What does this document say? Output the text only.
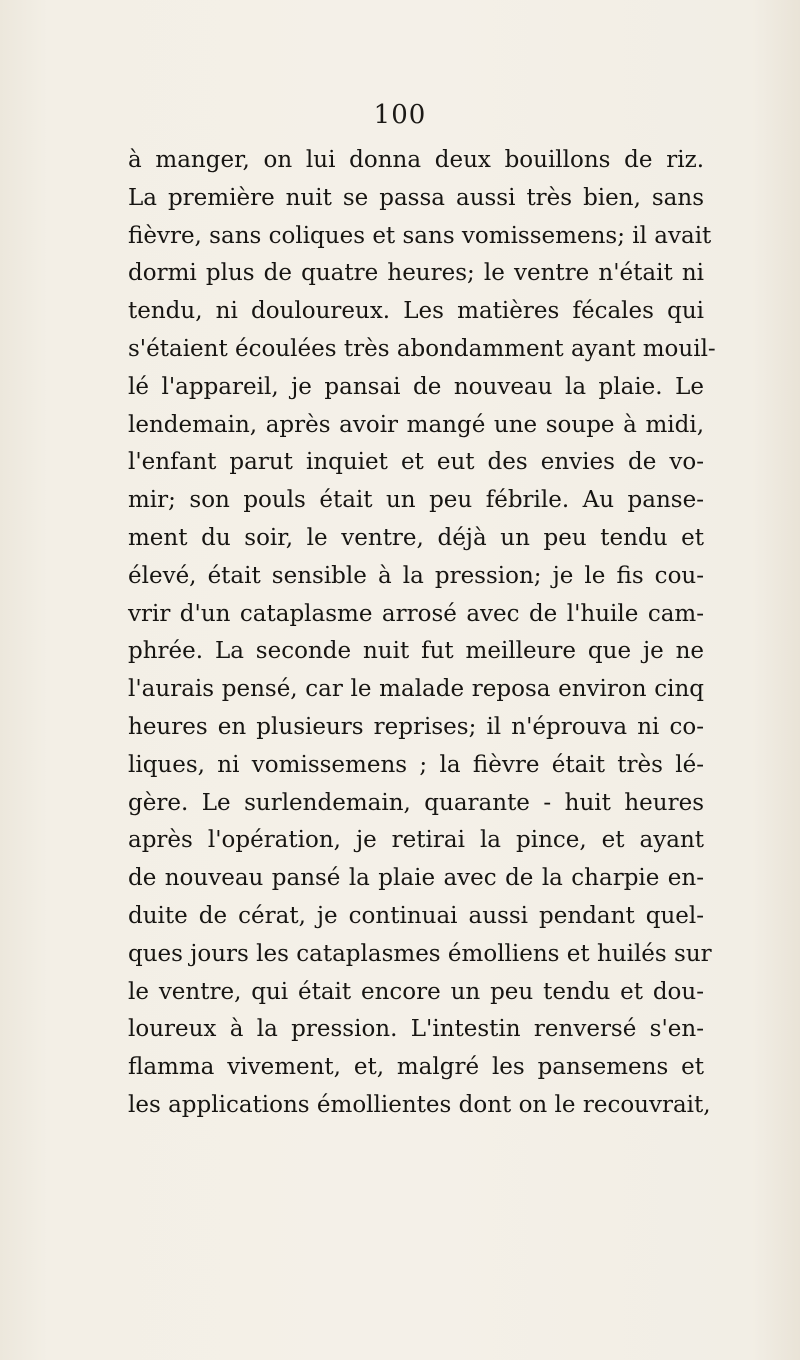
100
à manger, on lui donna deux bouillons de riz.
La première nuit se passa aussi très bien, sans
fièvre, sans coliques et sans vomissemens; il avait
dormi plus de quatre heures; le ventre n'était ni
tendu, ni douloureux. Les matières fécales qui
s'étaient écoulées très abondamment ayant mouil-
lé l'appareil, je pansai de nouveau la plaie. Le
lendemain, après avoir mangé une soupe à midi,
l'enfant parut inquiet et eut des envies de vo-
mir; son pouls était un peu fébrile. Au panse-
ment du soir, le ventre, déjà un peu tendu et
élevé, était sensible à la pression; je le fis cou-
vrir d'un cataplasme arrosé avec de l'huile cam-
phrée. La seconde nuit fut meilleure que je ne
l'aurais pensé, car le malade reposa environ cinq
heures en plusieurs reprises; il n'éprouva ni co-
liques, ni vomissemens ; la fièvre était très lé-
gère. Le surlendemain, quarante - huit heures
après l'opération, je retirai la pince, et ayant
de nouveau pansé la plaie avec de la charpie en-
duite de cérat, je continuai aussi pendant quel-
ques jours les cataplasmes émolliens et huilés sur
le ventre, qui était encore un peu tendu et dou-
loureux à la pression. L'intestin renversé s'en-
flamma vivement, et, malgré les pansemens et
les applications émollientes dont on le recouvrait,
